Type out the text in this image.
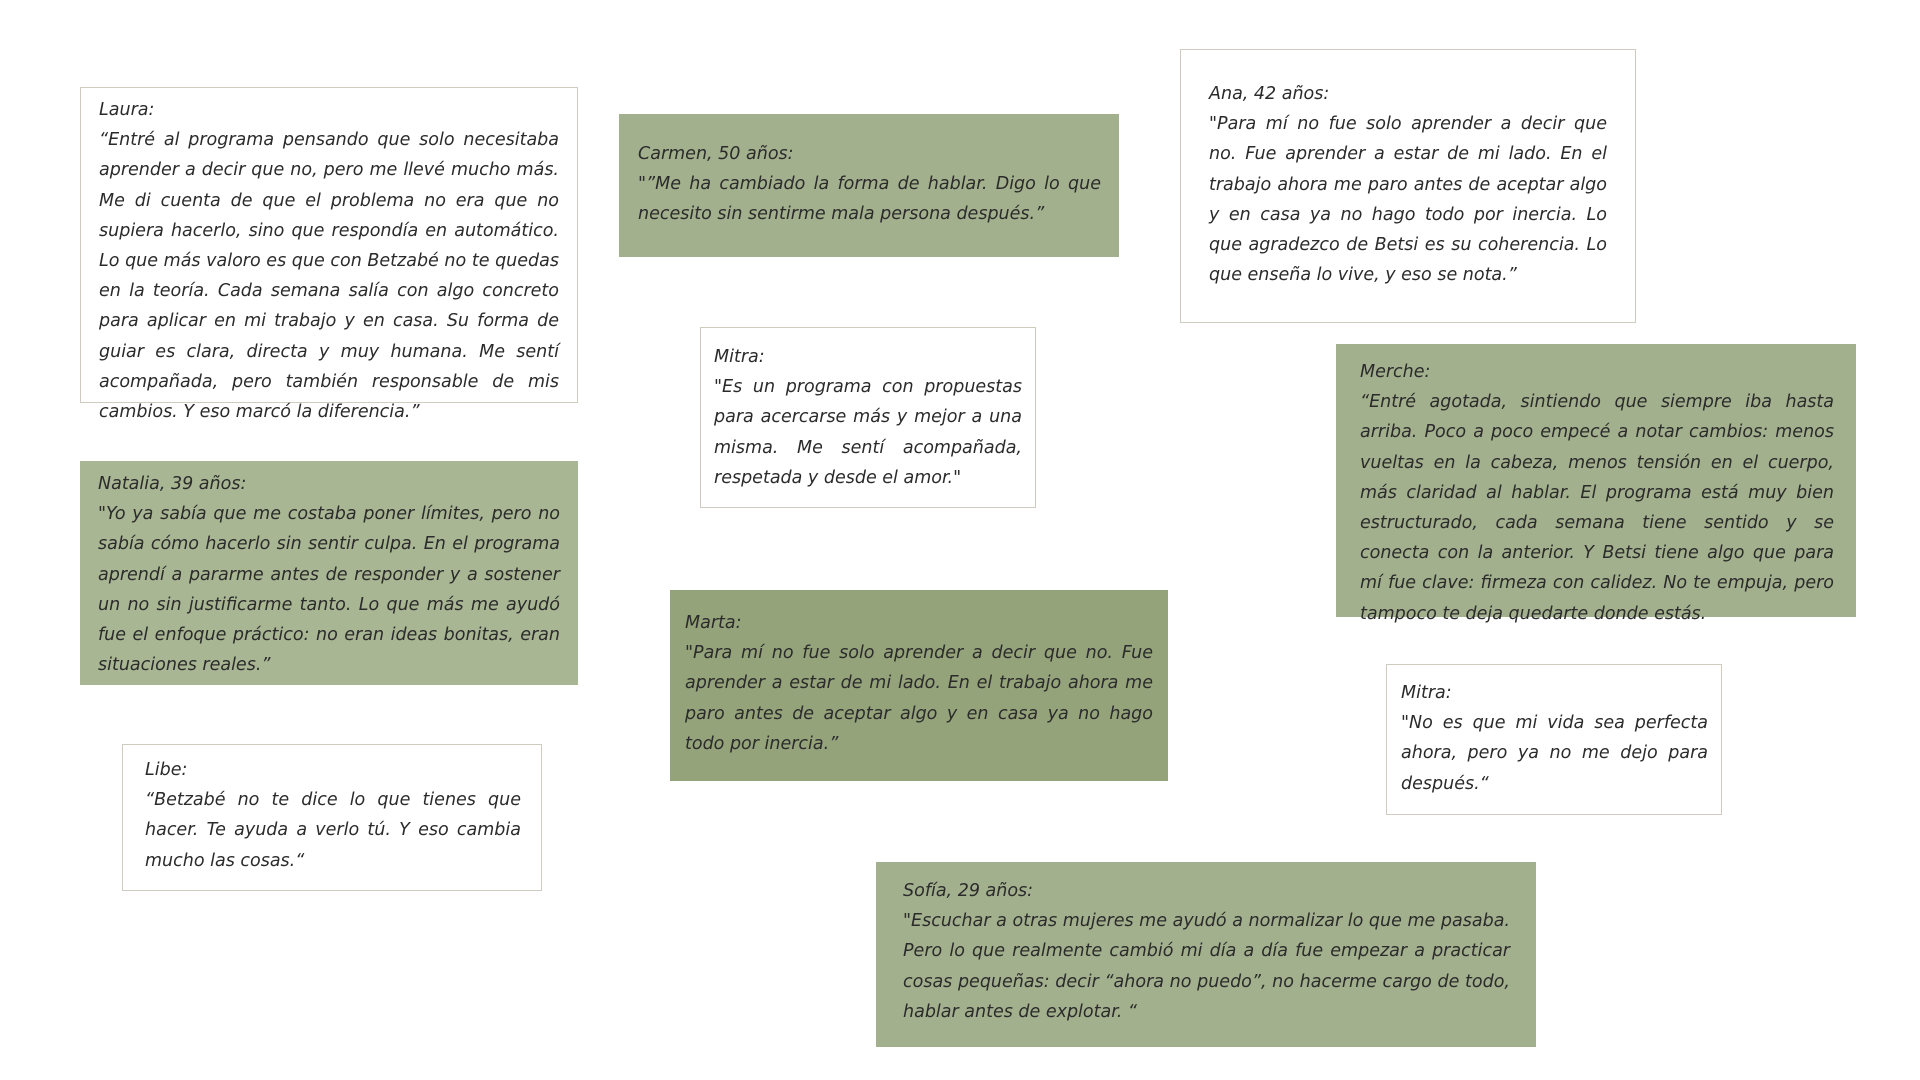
Laura:
“Entré al programa pensando que solo necesitaba aprender a decir que no, pero me llevé mucho más. Me di cuenta de que el problema no era que no supiera hacerlo, sino que respondía en automático. Lo que más valoro es que con Betzabé no te quedas en la teoría. Cada semana salía con algo concreto para aplicar en mi trabajo y en casa. Su forma de guiar es clara, directa y muy humana. Me sentí acompañada, pero también responsable de mis cambios. Y eso marcó la diferencia.”
Carmen, 50 años:
"”Me ha cambiado la forma de hablar. Digo lo que necesito sin sentirme mala persona después.”
Ana, 42 años:
"Para mí no fue solo aprender a decir que no. Fue aprender a estar de mi lado. En el trabajo ahora me paro antes de aceptar algo y en casa ya no hago todo por inercia. Lo que agradezco de Betsi es su coherencia. Lo que enseña lo vive, y eso se nota.”
Mitra:
"Es un programa con propuestas para acercarse más y mejor a una misma. Me sentí acompañada, respetada y desde el amor."
Merche:
“Entré agotada, sintiendo que siempre iba hasta arriba. Poco a poco empecé a notar cambios: menos vueltas en la cabeza, menos tensión en el cuerpo, más claridad al hablar. El programa está muy bien estructurado, cada semana tiene sentido y se conecta con la anterior. Y Betsi tiene algo que para mí fue clave: firmeza con calidez. No te empuja, pero tampoco te deja quedarte donde estás.
Natalia, 39 años:
"Yo ya sabía que me costaba poner límites, pero no sabía cómo hacerlo sin sentir culpa. En el programa aprendí a pararme antes de responder y a sostener un no sin justificarme tanto. Lo que más me ayudó fue el enfoque práctico: no eran ideas bonitas, eran situaciones reales.”
Marta:
"Para mí no fue solo aprender a decir que no. Fue aprender a estar de mi lado. En el trabajo ahora me paro antes de aceptar algo y en casa ya no hago todo por inercia.”
Mitra:
"No es que mi vida sea perfecta ahora, pero ya no me dejo para después.“
Libe:
“Betzabé no te dice lo que tienes que hacer. Te ayuda a verlo tú. Y eso cambia mucho las cosas.“
Sofía, 29 años:
"Escuchar a otras mujeres me ayudó a normalizar lo que me pasaba. Pero lo que realmente cambió mi día a día fue empezar a practicar cosas pequeñas: decir “ahora no puedo”, no hacerme cargo de todo, hablar antes de explotar. “
